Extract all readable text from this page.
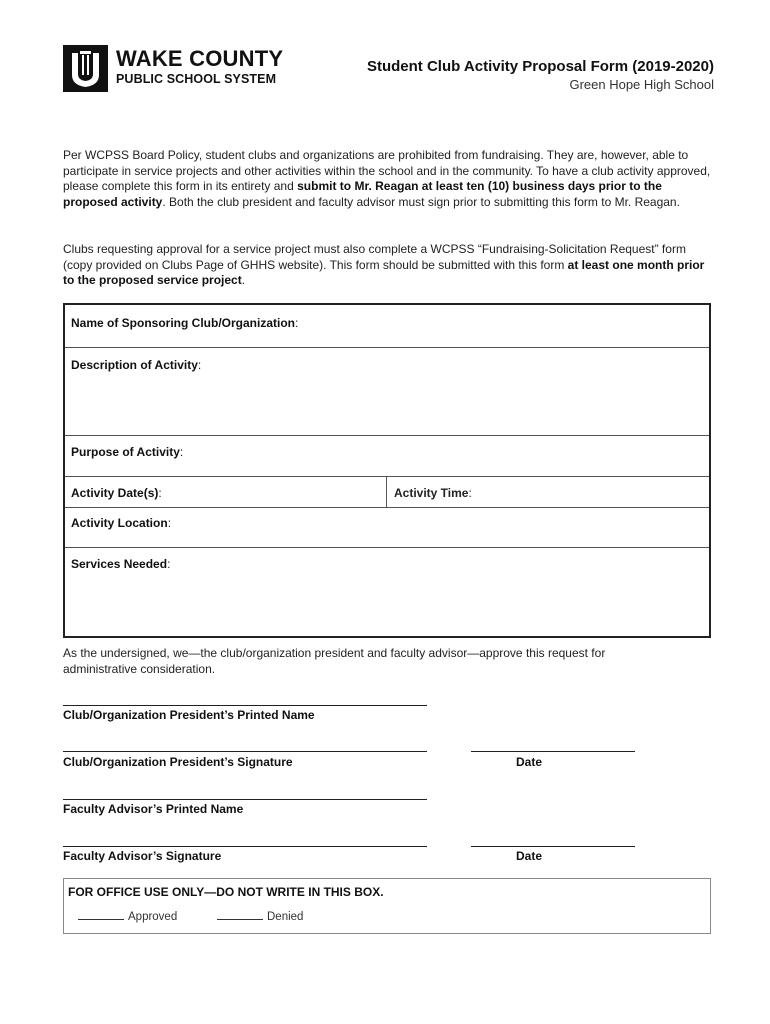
WAKE COUNTY
PUBLIC SCHOOL SYSTEM
Student Club Activity Proposal Form (2019-2020)
Green Hope High School
Per WCPSS Board Policy, student clubs and organizations are prohibited from fundraising. They are, however, able to participate in service projects and other activities within the school and in the community. To have a club activity approved, please complete this form in its entirety and submit to Mr. Reagan at least ten (10) business days prior to the proposed activity. Both the club president and faculty advisor must sign prior to submitting this form to Mr. Reagan.
Clubs requesting approval for a service project must also complete a WCPSS “Fundraising-Solicitation Request” form (copy provided on Clubs Page of GHHS website). This form should be submitted with this form at least one month prior to the proposed service project.
Name of Sponsoring Club/Organization:
Description of Activity:
Purpose of Activity:
Activity Date(s):	Activity Time:
Activity Location:
Services Needed:
As the undersigned, we—the club/organization president and faculty advisor—approve this request for administrative consideration.
Club/Organization President’s Printed Name
Club/Organization President’s Signature	Date
Faculty Advisor’s Printed Name
Faculty Advisor’s Signature	Date
FOR OFFICE USE ONLY—DO NOT WRITE IN THIS BOX.
Approved	Denied
